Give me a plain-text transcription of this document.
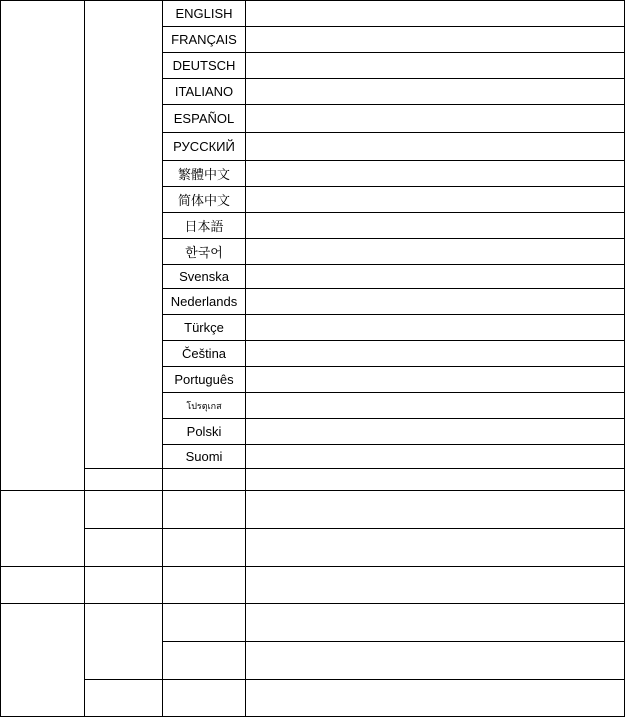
ENGLISH
FRANÇAIS
DEUTSCH
ITALIANO
ESPAÑOL
РУССКИЙ
繁體中文
简体中文
日本語
한국어
Svenska
Nederlands
Türkçe
Čeština
Português
โปรตุเกส
Polski
Suomi
